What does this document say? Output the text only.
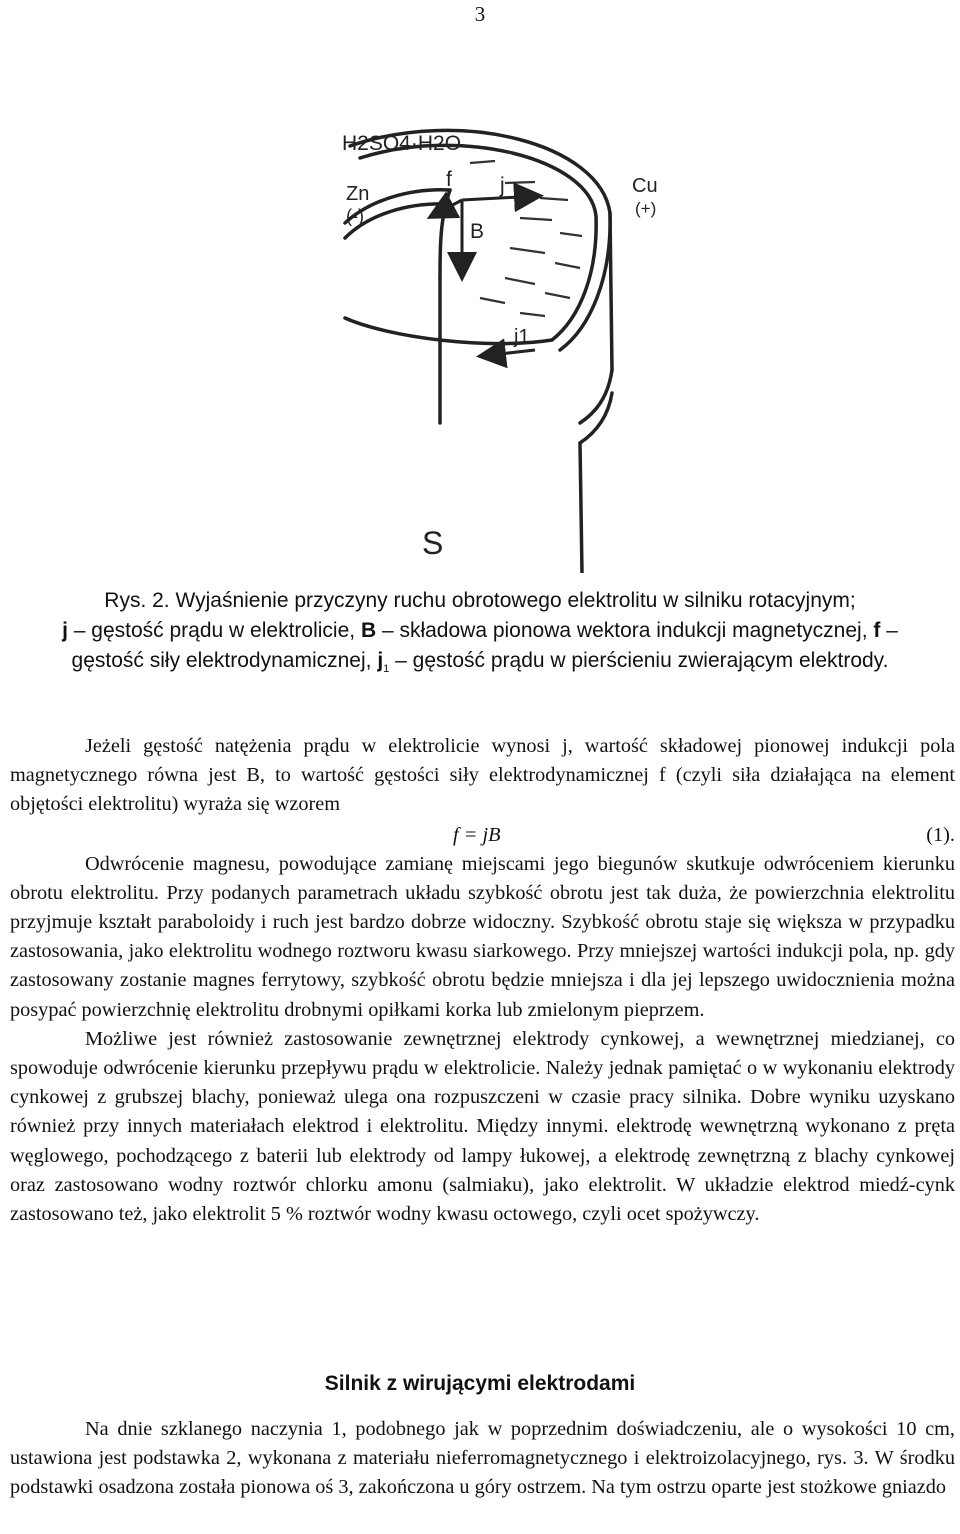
3
H2SO4·H2O
Zn
(-)
f j
B
Cu
(+)
j1
S
Rys. 2. Wyjaśnienie przyczyny ruchu obrotowego elektrolitu w silniku rotacyjnym;
j – gęstość prądu w elektrolicie, B – składowa pionowa wektora indukcji magnetycznej, f – gęstość siły elektrodynamicznej, $j_1$ – gęstość prądu w pierścieniu zwierającym elektrody.

Jeżeli gęstość natężenia prądu w elektrolicie wynosi j, wartość składowej pionowej indukcji pola magnetycznego równa jest B, to wartość gęstości siły elektrodynamicznej f (czyli siła działająca na element objętości elektrolitu) wyraża się wzorem

f = jB	(1).

Odwrócenie magnesu, powodujące zamianę miejscami jego biegunów skutkuje odwróceniem kierunku obrotu elektrolitu. Przy podanych parametrach układu szybkość obrotu jest tak duża, że powierzchnia elektrolitu przyjmuje kształt paraboloidy i ruch jest bardzo dobrze widoczny. Szybkość obrotu staje się większa w przypadku zastosowania, jako elektrolitu wodnego roztworu kwasu siarkowego. Przy mniejszej wartości indukcji pola, np. gdy zastosowany zostanie magnes ferrytowy, szybkość obrotu będzie mniejsza i dla jej lepszego uwidocznienia można posypać powierzchnię elektrolitu drobnymi opiłkami korka lub zmielonym pieprzem.

Możliwe jest również zastosowanie zewnętrznej elektrody cynkowej, a wewnętrznej miedzianej, co spowoduje odwrócenie kierunku przepływu prądu w elektrolicie. Należy jednak pamiętać o w wykonaniu elektrody cynkowej z grubszej blachy, ponieważ ulega ona rozpuszczeni w czasie pracy silnika. Dobre wyniku uzyskano również przy innych materiałach elektrod i elektrolitu. Między innymi. elektrodę wewnętrzną wykonano z pręta węglowego, pochodzącego z baterii lub elektrody od lampy łukowej, a elektrodę zewnętrzną z blachy cynkowej oraz zastosowano wodny roztwór chlorku amonu (salmiaku), jako elektrolit. W układzie elektrod miedź-cynk zastosowano też, jako elektrolit 5 % roztwór wodny kwasu octowego, czyli ocet spożywczy.

Silnik z wirującymi elektrodami

Na dnie szklanego naczynia 1, podobnego jak w poprzednim doświadczeniu, ale o wysokości 10 cm, ustawiona jest podstawka 2, wykonana z materiału nieferromagnetycznego i elektroizolacyjnego, rys. 3. W środku podstawki osadzona została pionowa oś 3, zakończona u góry ostrzem. Na tym ostrzu oparte jest stożkowe gniazdo
